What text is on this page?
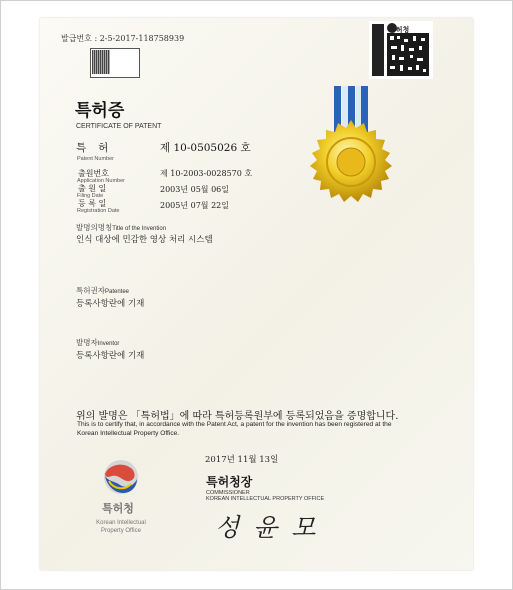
발급번호 : 2-5-2017-118758939
특허청
특허증
CERTIFICATE OF PATENT
특허	제 10-0505026 호
Patent Number
출원번호	제 10-2003-0028570 호
Application Number
출 원 일	2003년 05월 06일
Filing Date
등 록 일	2005년 07월 22일
Registration Date
발명의명칭Title of the Invention
인식 대상에 민감한 영상 처리 시스템
특허권자Patentee
등록사항란에 기재
발명자Inventor
등록사항란에 기재
위의 발명은 「특허법」에 따라 특허등록원부에 등록되었음을 증명합니다.
This is to certify that, in accordance with the Patent Act, a patent for the invention has been registered at the
Korean Intellectual Property Office.
2017년 11월 13일
특허청장
COMMISSIONER
KOREAN INTELLECTUAL PROPERTY OFFICE
성윤모
특허청
Korean Intellectual
Property Office
